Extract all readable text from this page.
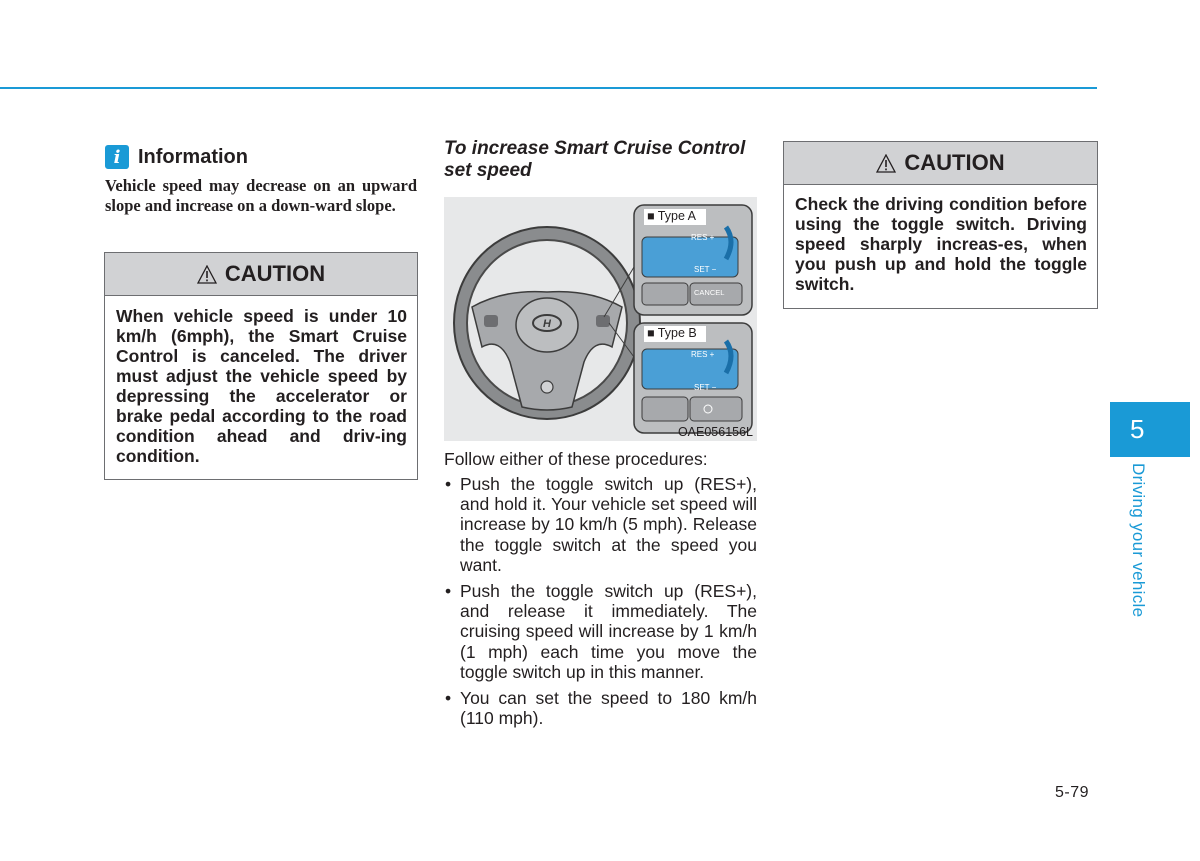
i Information
Vehicle speed may decrease on an upward slope and increase on a down-ward slope.
CAUTION
When vehicle speed is under 10 km/h (6mph), the Smart Cruise Control is canceled. The driver must adjust the vehicle speed by depressing the accelerator or brake pedal according to the road condition ahead and driv-ing condition.
To increase Smart Cruise Control set speed
H
■ Type A
■ Type B
RES +
SET −
CANCEL
RES +
SET −
OAE056156L
Follow either of these procedures:
• Push the toggle switch up (RES+), and hold it. Your vehicle set speed will increase by 10 km/h (5 mph). Release the toggle switch at the speed you want.
• Push the toggle switch up (RES+), and release it immediately. The cruising speed will increase by 1 km/h (1 mph) each time you move the toggle switch up in this manner.
• You can set the speed to 180 km/h (110 mph).
CAUTION
Check the driving condition before using the toggle switch. Driving speed sharply increas-es, when you push up and hold the toggle switch.
5
Driving your vehicle
5-79
